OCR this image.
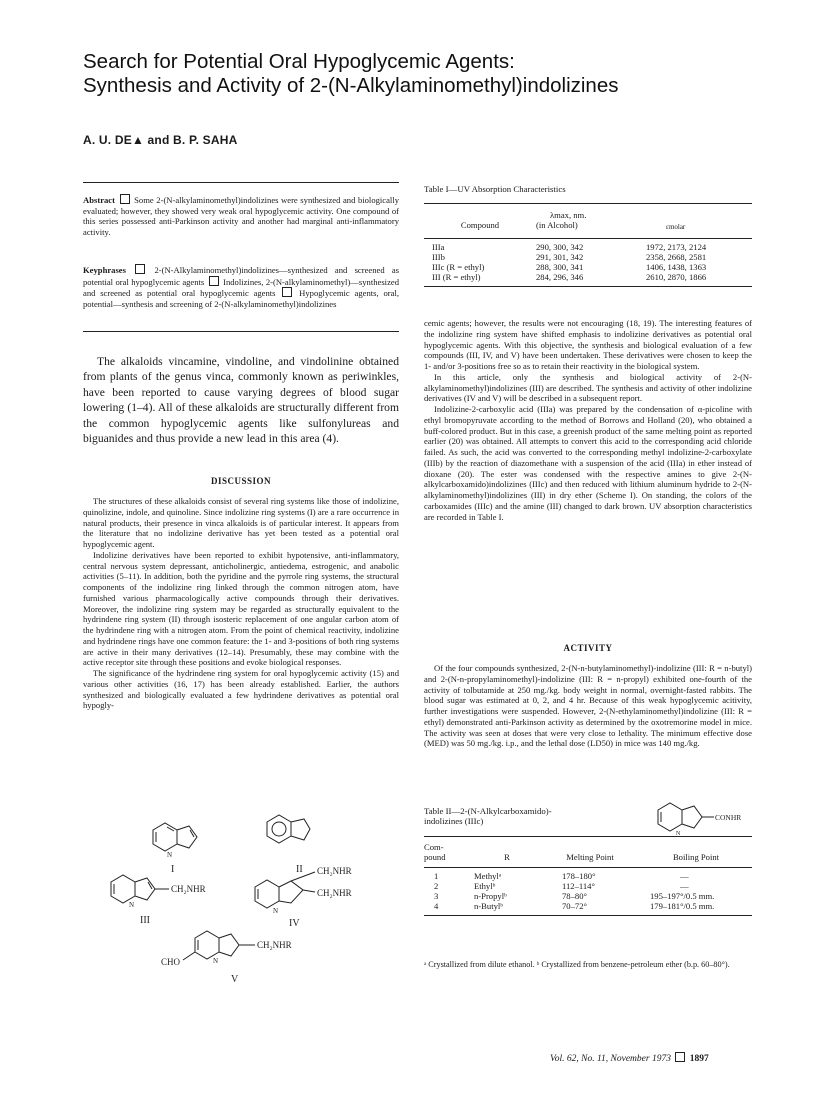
Search for Potential Oral Hypoglycemic Agents:
Synthesis and Activity of 2-(N-Alkylaminomethyl)indolizines
A. U. DE▲ and B. P. SAHA
Abstract Some 2-(N-alkylaminomethyl)indolizines were synthesized and biologically evaluated; however, they showed very weak oral hypoglycemic activity. One compound of this series possessed anti-Parkinson activity and another had marginal anti-inflammatory activity.
Keyphrases	2-(N-Alkylaminomethyl)indolizines—synthesized and screened as potential oral hypoglycemic agents Indolizines, 2-(N-alkylaminomethyl)—synthesized and screened as potential oral hypoglycemic agents	Hypoglycemic agents, oral, potential—synthesis and screening of 2-(N-alkylaminomethyl)indolizines

The alkaloids vincamine, vindoline, and vindolinine obtained from plants of the genus vinca, commonly known as periwinkles, have been reported to cause varying degrees of blood sugar lowering (1–4). All of these alkaloids are structurally different from the common hypoglycemic agents like sulfonylureas and biguanides and thus provide a new lead in this area (4).

DISCUSSION

The structures of these alkaloids consist of several ring systems like those of indolizine, quinolizine, indole, and quinoline. Since indolizine ring systems (I) are a rare occurrence in natural products, their presence in vinca alkaloids is of particular interest. It appears from the literature that no indolizine derivative has yet been tested as a potential oral hypoglycemic agent.

Indolizine derivatives have been reported to exhibit hypotensive, anti-inflammatory, central nervous system depressant, anticholinergic, antiedema, estrogenic, and anabolic activities (5–11). In addition, both the pyridine and the pyrrole ring systems, the structural components of the indolizine ring linked through the common nitrogen atom, have furnished various pharmacologically active compounds through their derivatives. Moreover, the indolizine ring system may be regarded as structurally equivalent to the hydrindene ring system (II) through isosteric replacement of one angular carbon atom of the hydrindene ring with a nitrogen atom. From the point of chemical reactivity, indolizine and hydrindene rings have one common feature: the 1- and 3-positions of both ring systems are active in their many derivatives (12–14). Presumably, these may combine with the active receptor site through these positions and evoke biological responses.

The significance of the hydrindene ring system for oral hypoglycemic activity (15) and various other activities (16, 17) has been already established. Earlier, the authors synthesized and biologically evaluated a few hydrindene derivatives as potential oral hypogly-

N
I	II
N
CH₂NHR
III
N
CH₂NHR
CH₂NHR
IV
N
CH₂NHR
CHO
V
Table I—UV Absorption Characteristics
Compound	λmax, nm.
(in Alcohol)	εmolar

IIIa	290, 300, 342	1972, 2173, 2124
IIIb	291, 301, 342	2358, 2668, 2581
IIIc (R = ethyl)	288, 300, 341	1406, 1438, 1363
III (R = ethyl)	284, 296, 346	2610, 2870, 1866

cemic agents; however, the results were not encouraging (18, 19). The interesting features of the indolizine ring system have shifted emphasis to indolizine derivatives as potential oral hypoglycemic agents. With this objective, the synthesis and biological evaluation of a few compounds (III, IV, and V) have been undertaken. These derivatives were chosen to keep the 1- and/or 3-positions free so as to retain their reactivity in the biological system.

In this article, only the synthesis and biological activity of 2-(N-alkylaminomethyl)indolizines (III) are described. The synthesis and activity of other indolizine derivatives (IV and V) will be described in a subsequent report.

Indolizine-2-carboxylic acid (IIIa) was prepared by the condensation of α-picoline with ethyl bromopyruvate according to the method of Borrows and Holland (20), who obtained a buff-colored product. But in this case, a greenish product of the same melting point as reported earlier (20) was obtained. All attempts to convert this acid to the corresponding acid chloride failed. As such, the acid was converted to the corresponding methyl indolizine-2-carboxylate (IIIb) by the reaction of diazomethane with a suspension of the acid (IIIa) in ether instead of dioxane (20). The ester was condensed with the respective amines to give 2-(N-alkylcarboxamido)indolizines (IIIc) and then reduced with lithium aluminum hydride to 2-(N-alkylaminomethyl)indolizines (III) in dry ether (Scheme I). On standing, the colors of the carboxamides (IIIc) and the amine (III) changed to dark brown. UV absorption characteristics are recorded in Table I.

ACTIVITY

Of the four compounds synthesized, 2-(N-n-butylaminomethyl)-indolizine (III: R = n-butyl) and 2-(N-n-propylaminomethyl)-indolizine (III: R = n-propyl) exhibited one-fourth of the activity of tolbutamide at 250 mg./kg. body weight in normal, overnight-fasted rabbits. The blood sugar was estimated at 0, 2, and 4 hr. Because of this weak hypoglycemic acitivity, further investigations were suspended. However, 2-(N-ethylaminomethyl)indolizine (III: R = ethyl) demonstrated anti-Parkinson activity as determined by the oxotremorine model in mice. The activity was seen at doses that were very close to lethality. The minimum effective dose (MED) was 50 mg./kg. i.p., and the lethal dose (LD50) in mice was 140 mg./kg.

Table II—2-(N-Alkylcarboxamido)-
indolizines (IIIc)
N
CONHR
Com-
pound	R	Melting Point	Boiling Point

1	Methylᵃ	178–180°	—
2	Ethylᵇ	112–114°	—
3	n-Propylᵇ	78–80°	195–197°/0.5 mm.
4	n-Butylᵇ	70–72°	179–181°/0.5 mm.

ᵃ Crystallized from dilute ethanol. ᵇ Crystallized from benzene-petroleum ether (b.p. 60–80°).
Vol. 62, No. 11, November 1973 1897
